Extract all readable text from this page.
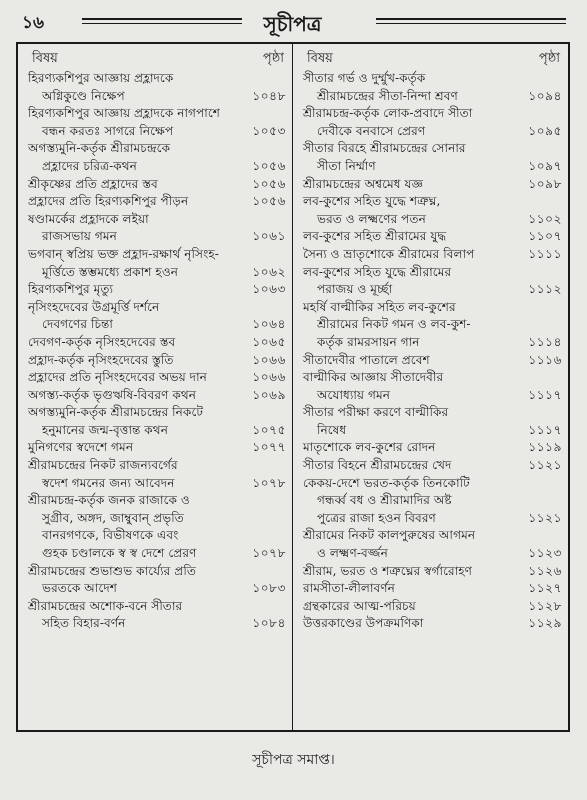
১৬	সূচীপত্র
বিষয়	পৃষ্ঠা
হিরণ্যকশিপুর আজ্ঞায় প্রহ্লাদকে
অগ্নিকুণ্ডে নিক্ষেপ	১০৪৮
হিরণ্যকশিপুর আজ্ঞায় প্রহ্লাদকে নাগপাশে
বন্ধন করতঃ সাগরে নিক্ষেপ	১০৫৩
অগস্ত্যমুনি-কর্তৃক শ্রীরামচন্দ্রকে
প্রহ্লাদের চরিত্র-কথন	১০৫৬
শ্রীকৃষ্ণের প্রতি প্রহ্লাদের স্তব	১০৫৬
প্রহ্লাদের প্রতি হিরণ্যকশিপুর পীড়ন	১০৫৬
ষণ্ডামর্কের প্রহ্লাদকে লইয়া
রাজসভায় গমন	১০৬১
ভগবান্ স্বপ্রিয় ভক্ত প্রহ্লাদ-রক্ষার্থ নৃসিংহ-
মূর্ত্তিতে স্তম্ভমধ্যে প্রকাশ হওন	১০৬২
হিরণ্যকশিপুর মৃত্যু	১০৬৩
নৃসিংহদেবের উগ্রমূর্ত্তি দর্শনে
দেবগণের চিন্তা	১০৬৪
দেবগণ-কর্তৃক নৃসিংহদেবের স্তব	১০৬৫
প্রহ্লাদ-কর্তৃক নৃসিংহদেবের স্তুতি	১০৬৬
প্রহ্লাদের প্রতি নৃসিংহদেবের অভয় দান	১০৬৬
অগস্ত্য-কর্তৃক ভৃগুঋষি-বিবরণ কথন	১০৬৯
অগস্ত্যমুনি-কর্তৃক শ্রীরামচন্দ্রের নিকটে
হনুমানের জন্ম-বৃত্তান্ত কথন	১০৭৫
মুনিগণের স্বদেশে গমন	১০৭৭
শ্রীরামচন্দ্রের নিকট রাজন্যবর্গের
স্বদেশ গমনের জন্য আবেদন	১০৭৮
শ্রীরামচন্দ্র-কর্তৃক জনক রাজাকে ও
সুগ্রীব, অঙ্গদ, জাম্বুবান্ প্রভৃতি
বানরগণকে, বিভীষণকে এবং
গুহক চণ্ডালকে স্ব স্ব দেশে প্রেরণ	১০৭৮
শ্রীরামচন্দ্রের শুভাশুভ কার্য্যের প্রতি
ভরতকে আদেশ	১০৮৩
শ্রীরামচন্দ্রের অশোক-বনে সীতার
সহিত বিহার-বর্ণন	১০৮৪
বিষয়	পৃষ্ঠা
সীতার গর্ভ ও দুর্ম্মুখ-কর্তৃক
শ্রীরামচন্দ্রের সীতা-নিন্দা শ্রবণ	১০৯৪
শ্রীরামচন্দ্র-কর্তৃক লোক-প্রবাদে সীতা
দেবীকে বনবাসে প্রেরণ	১০৯৫
সীতার বিরহে শ্রীরামচন্দ্রের সোনার
সীতা নির্ম্মাণ	১০৯৭
শ্রীরামচন্দ্রের অশ্বমেধ যজ্ঞ	১০৯৮
লব-কুশের সহিত যুদ্ধে শত্রুঘ্ন,
ভরত ও লক্ষ্মণের পতন	১১০২
লব-কুশের সহিত শ্রীরামের যুদ্ধ	১১০৭
সৈন্য ও ভ্রাতৃশোকে শ্রীরামের বিলাপ	১১১১
লব-কুশের সহিত যুদ্ধে শ্রীরামের
পরাজয় ও মূর্চ্ছা	১১১২
মহর্ষি বাল্মীকির সহিত লব-কুশের
শ্রীরামের নিকট গমন ও লব-কুশ-
কর্তৃক রামরসায়ন গান	১১১৪
সীতাদেবীর পাতালে প্রবেশ	১১১৬
বাল্মীকির আজ্ঞায় সীতাদেবীর
অযোধ্যায় গমন	১১১৭
সীতার পরীক্ষা করণে বাল্মীকির
নিষেধ	১১১৭
মাতৃশোকে লব-কুশের রোদন	১১১৯
সীতার বিহনে শ্রীরামচন্দ্রের খেদ	১১২১
কেকয়-দেশে ভরত-কর্তৃক তিনকোটি
গন্ধর্ব্ব বধ ও শ্রীরামাদির অষ্ট
পুত্রের রাজা হওন বিবরণ	১১২১
শ্রীরামের নিকট কালপুরুষের আগমন
ও লক্ষ্মণ-বর্জ্জন	১১২৩
শ্রীরাম, ভরত ও শত্রুঘ্নের স্বর্গারোহণ	১১২৬
রামসীতা-লীলাবর্ণন	১১২৭
গ্রন্থকারের আত্ম-পরিচয়	১১২৮
উত্তরকাণ্ডের উপক্রমণিকা	১১২৯
সূচীপত্র সমাপ্ত।
